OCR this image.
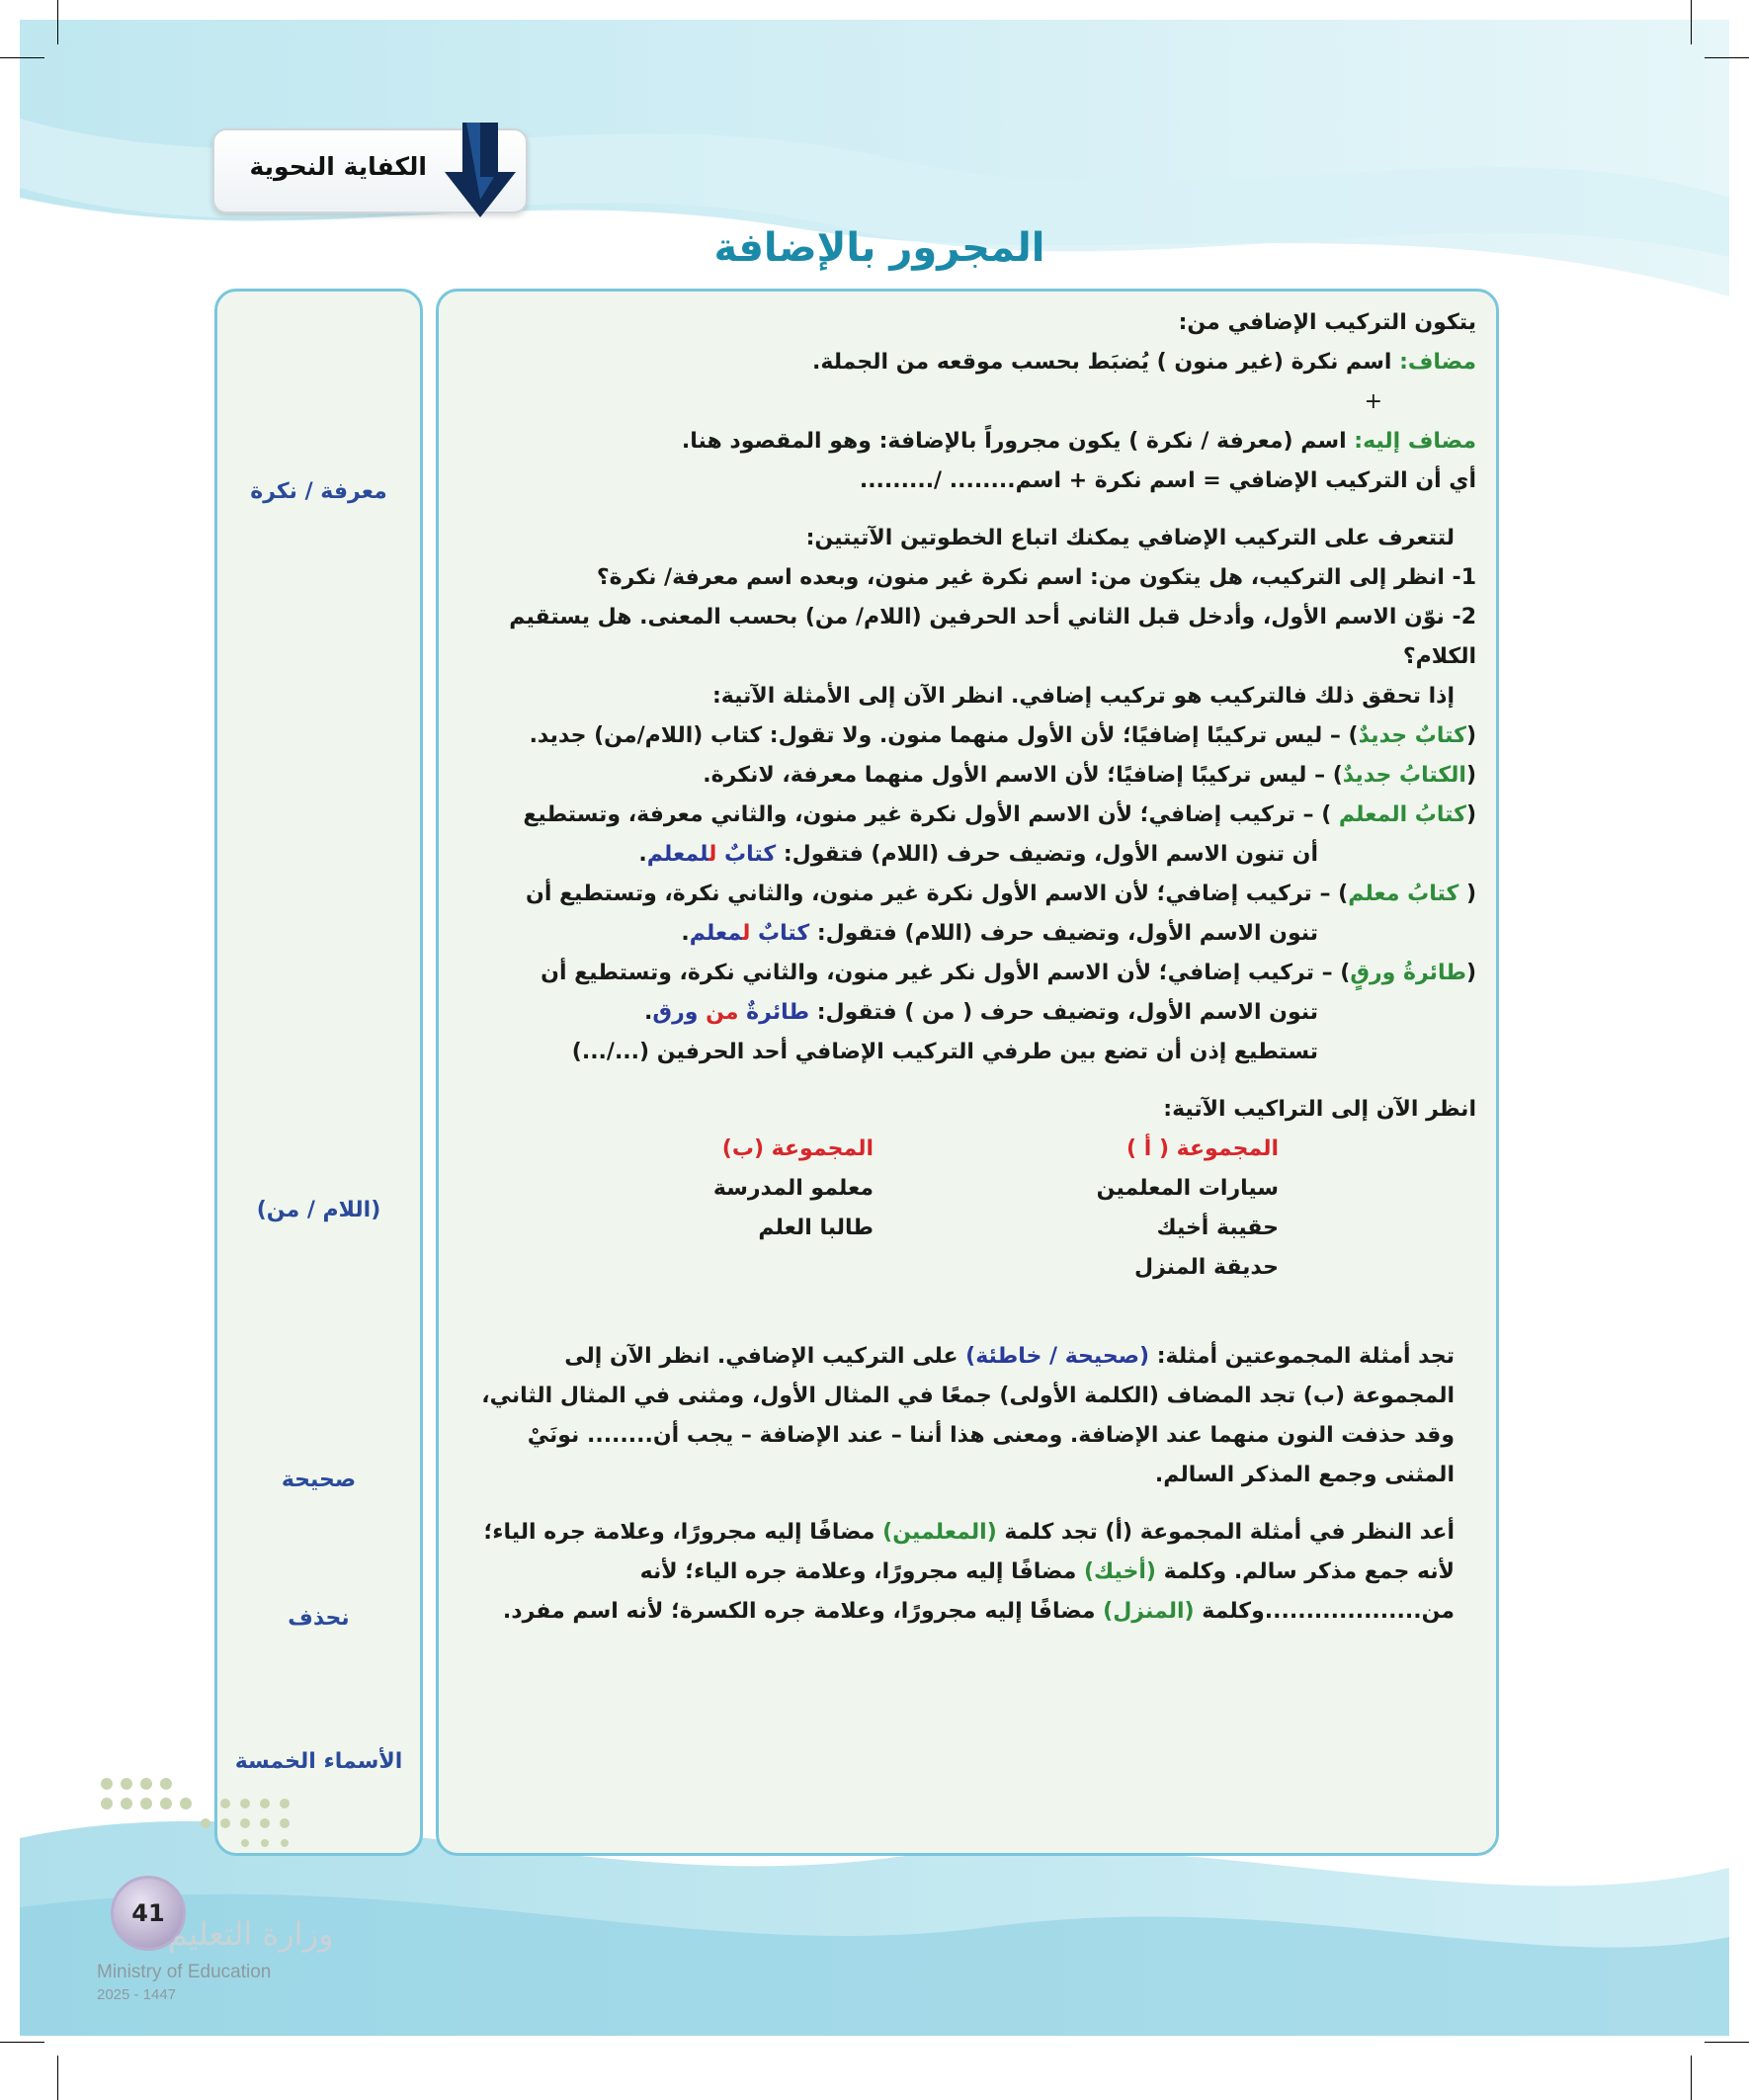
الكفاية النحوية
المجرور بالإضافة
معرفة / نكرة
(اللام / من)
صحيحة
نحذف
الأسماء الخمسة

يتكون التركيب الإضافي من:

مضاف: اسم نكرة (غير منون ) يُضبَط بحسب موقعه من الجملة.

+

مضاف إليه: اسم (معرفة / نكرة ) يكون مجروراً بالإضافة: وهو المقصود هنا.

أي أن التركيب الإضافي = اسم نكرة + اسم........ /.........

لتتعرف على التركيب الإضافي يمكنك اتباع الخطوتين الآتيتين:

1- انظر إلى التركيب، هل يتكون من: اسم نكرة غير منون، وبعده اسم معرفة/ نكرة؟

2- نوّن الاسم الأول، وأدخل قبل الثاني أحد الحرفين (اللام/ من) بحسب المعنى. هل يستقيم الكلام؟

إذا تحقق ذلك فالتركيب هو تركيب إضافي. انظر الآن إلى الأمثلة الآتية:

(كتابٌ جديدٌ) – ليس تركيبًا إضافيًا؛ لأن الأول منهما منون. ولا تقول: كتاب (اللام/من) جديد.

(الكتابُ جديدٌ) – ليس تركيبًا إضافيًا؛ لأن الاسم الأول منهما معرفة، لانكرة.

(كتابُ المعلم ) – تركيب إضافي؛ لأن الاسم الأول نكرة غير منون، والثاني معرفة، وتستطيع

أن تنون الاسم الأول، وتضيف حرف (اللام) فتقول: كتابٌ للمعلم.

( كتابُ معلم) – تركيب إضافي؛ لأن الاسم الأول نكرة غير منون، والثاني نكرة، وتستطيع أن

تنون الاسم الأول، وتضيف حرف (اللام) فتقول: كتابٌ لمعلم.

(طائرةُ ورقٍ) – تركيب إضافي؛ لأن الاسم الأول نكر غير منون، والثاني نكرة، وتستطيع أن

تنون الاسم الأول، وتضيف حرف ( من ) فتقول: طائرةٌ من ورق.

تستطيع إذن أن تضع بين طرفي التركيب الإضافي أحد الحرفين (.../...)

انظر الآن إلى التراكيب الآتية:

المجموعة ( أ )
سيارات المعلمين
حقيبة أخيك
حديقة المنزل
المجموعة (ب)
معلمو المدرسة
طالبا العلم

تجد أمثلة المجموعتين أمثلة: (صحيحة / خاطئة) على التركيب الإضافي. انظر الآن إلى المجموعة (ب) تجد المضاف (الكلمة الأولى) جمعًا في المثال الأول، ومثنى في المثال الثاني، وقد حذفت النون منهما عند الإضافة. ومعنى هذا أننا – عند الإضافة – يجب أن........ نونَيْ المثنى وجمع المذكر السالم.

أعد النظر في أمثلة المجموعة (أ) تجد كلمة (المعلمين) مضافًا إليه مجرورًا، وعلامة جره الياء؛ لأنه جمع مذكر سالم. وكلمة (أخيك) مضافًا إليه مجرورًا، وعلامة جره الياء؛ لأنه من...................وكلمة (المنزل) مضافًا إليه مجرورًا، وعلامة جره الكسرة؛ لأنه اسم مفرد.

41
وزارة التعليم
Ministry of Education
2025 - 1447
